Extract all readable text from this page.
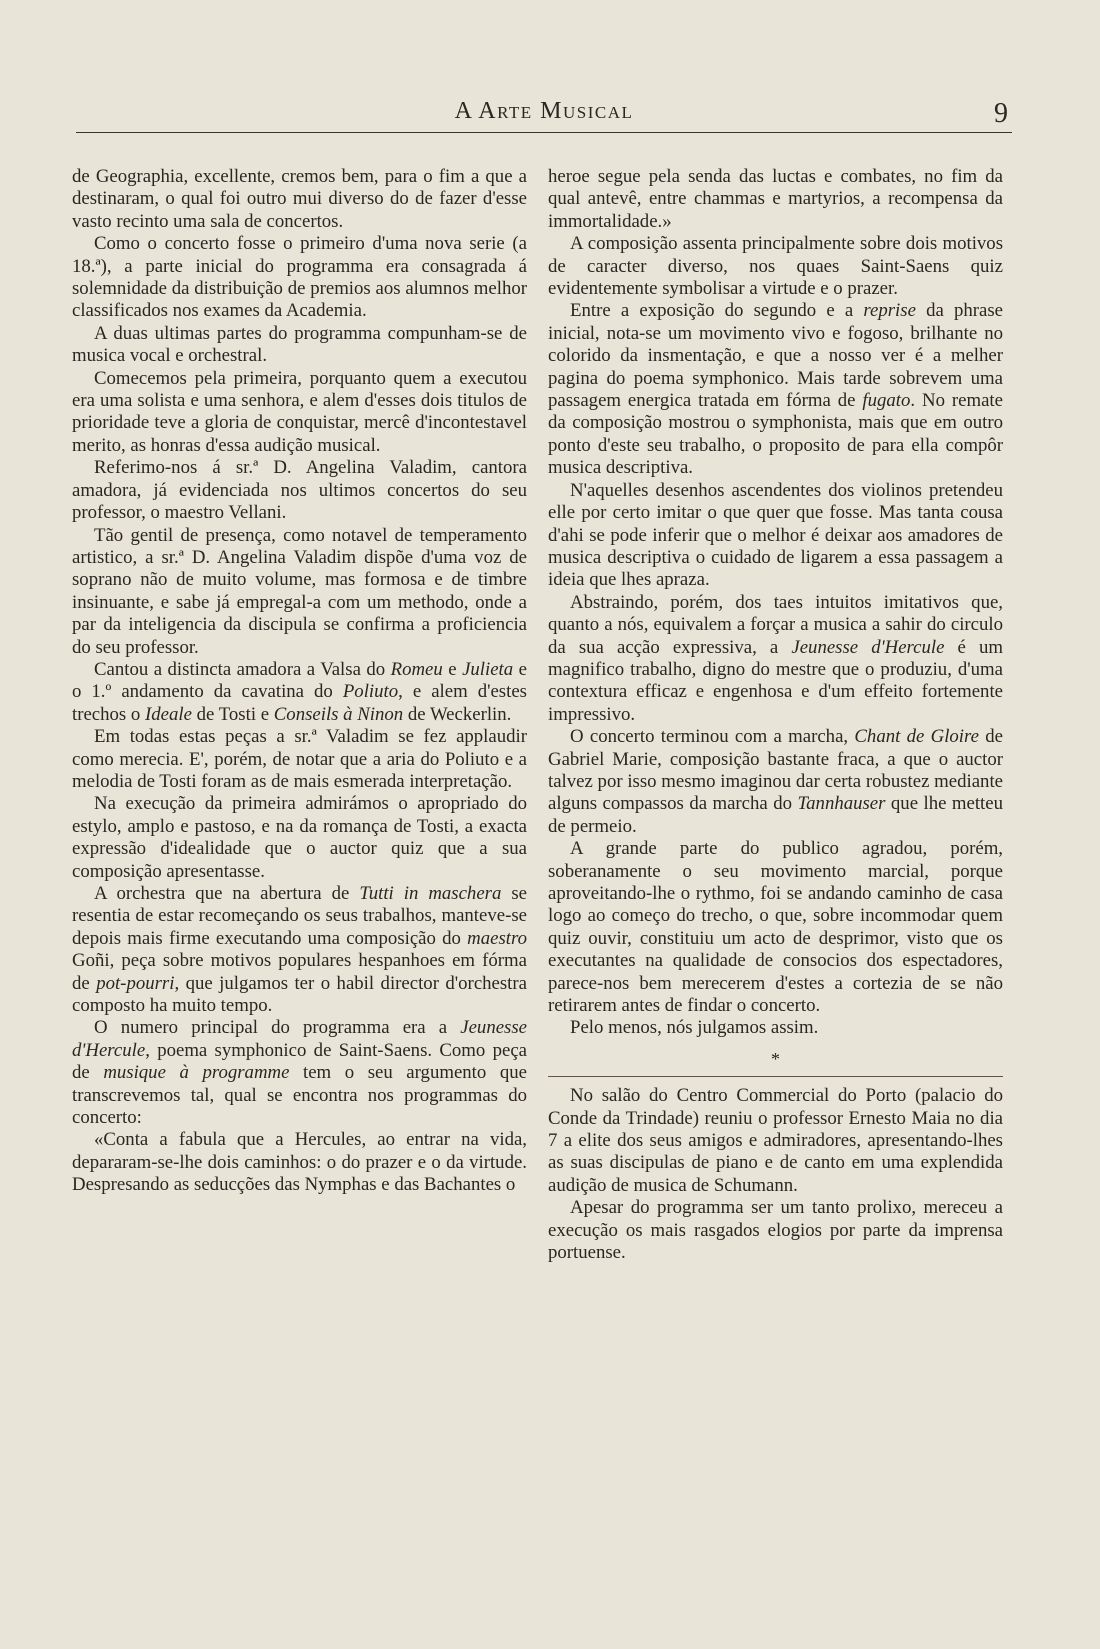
A Arte Musical	9

de Geographia, excellente, cremos bem, para o fim a que a destinaram, o qual foi outro mui diverso do de fazer d'esse vasto recinto uma sala de concertos.

Como o concerto fosse o primeiro d'uma nova serie (a 18.ª), a parte inicial do programma era consagrada á solemnidade da distribuição de premios aos alumnos melhor classificados nos exames da Academia.

A duas ultimas partes do programma compunham-se de musica vocal e orchestral.

Comecemos pela primeira, porquanto quem a executou era uma solista e uma senhora, e alem d'esses dois titulos de prioridade teve a gloria de conquistar, mercê d'incontestavel merito, as honras d'essa audição musical.

Referimo-nos á sr.ª D. Angelina Valadim, cantora amadora, já evidenciada nos ultimos concertos do seu professor, o maestro Vellani.

Tão gentil de presença, como notavel de temperamento artistico, a sr.ª D. Angelina Valadim dispõe d'uma voz de soprano não de muito volume, mas formosa e de timbre insinuante, e sabe já empregal-a com um methodo, onde a par da inteligencia da discipula se confirma a proficiencia do seu professor.

Cantou a distincta amadora a Valsa do Romeu e Julieta e o 1.º andamento da cavatina do Poliuto, e alem d'estes trechos o Ideale de Tosti e Conseils à Ninon de Weckerlin.

Em todas estas peças a sr.ª Valadim se fez applaudir como merecia. E', porém, de notar que a aria do Poliuto e a melodia de Tosti foram as de mais esmerada interpretação.

Na execução da primeira admirámos o apropriado do estylo, amplo e pastoso, e na da romança de Tosti, a exacta expressão d'idealidade que o auctor quiz que a sua composição apresentasse.

A orchestra que na abertura de Tutti in maschera se resentia de estar recomeçando os seus trabalhos, manteve-se depois mais firme executando uma composição do maestro Goñi, peça sobre motivos populares hespanhoes em fórma de pot-pourri, que julgamos ter o habil director d'orchestra composto ha muito tempo.

O numero principal do programma era a Jeunesse d'Hercule, poema symphonico de Saint-Saens. Como peça de musique à programme tem o seu argumento que transcrevemos tal, qual se encontra nos programmas do concerto:

«Conta a fabula que a Hercules, ao entrar na vida, depararam-se-lhe dois caminhos: o do prazer e o da virtude. Despresando as seducções das Nymphas e das Bachantes o

heroe segue pela senda das luctas e combates, no fim da qual antevê, entre chammas e martyrios, a recompensa da immortalidade.»

A composição assenta principalmente sobre dois motivos de caracter diverso, nos quaes Saint-Saens quiz evidentemente symbolisar a virtude e o prazer.

Entre a exposição do segundo e a reprise da phrase inicial, nota-se um movimento vivo e fogoso, brilhante no colorido da insmentação, e que a nosso ver é a melher pagina do poema symphonico. Mais tarde sobrevem uma passagem energica tratada em fórma de fugato. No remate da composição mostrou o symphonista, mais que em outro ponto d'este seu trabalho, o proposito de para ella compôr musica descriptiva.

N'aquelles desenhos ascendentes dos violinos pretendeu elle por certo imitar o que quer que fosse. Mas tanta cousa d'ahi se pode inferir que o melhor é deixar aos amadores de musica descriptiva o cuidado de ligarem a essa passagem a ideia que lhes apraza.

Abstraindo, porém, dos taes intuitos imitativos que, quanto a nós, equivalem a forçar a musica a sahir do circulo da sua acção expressiva, a Jeunesse d'Hercule é um magnifico trabalho, digno do mestre que o produziu, d'uma contextura efficaz e engenhosa e d'um effeito fortemente impressivo.

O concerto terminou com a marcha, Chant de Gloire de Gabriel Marie, composição bastante fraca, a que o auctor talvez por isso mesmo imaginou dar certa robustez mediante alguns compassos da marcha do Tannhauser que lhe metteu de permeio.

A grande parte do publico agradou, porém, soberanamente o seu movimento marcial, porque aproveitando-lhe o rythmo, foi se andando caminho de casa logo ao começo do trecho, o que, sobre incommodar quem quiz ouvir, constituiu um acto de desprimor, visto que os executantes na qualidade de consocios dos espectadores, parece-nos bem merecerem d'estes a cortezia de se não retirarem antes de findar o concerto.

Pelo menos, nós julgamos assim.

*

No salão do Centro Commercial do Porto (palacio do Conde da Trindade) reuniu o professor Ernesto Maia no dia 7 a elite dos seus amigos e admiradores, apresentando-lhes as suas discipulas de piano e de canto em uma explendida audição de musica de Schumann.

Apesar do programma ser um tanto prolixo, mereceu a execução os mais rasgados elogios por parte da imprensa portuense.
